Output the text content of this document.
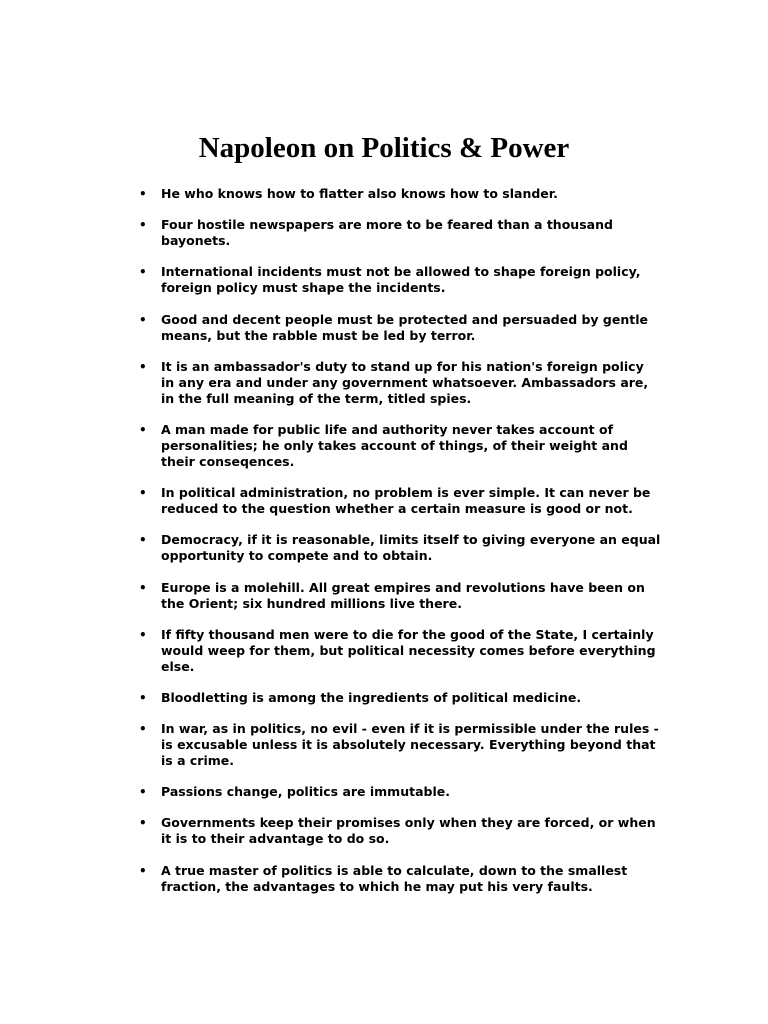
Napoleon on Politics & Power
• He who knows how to flatter also knows how to slander.
• Four hostile newspapers are more to be feared than a thousand bayonets.
• International incidents must not be allowed to shape foreign policy, foreign policy must shape the incidents.
• Good and decent people must be protected and persuaded by gentle means, but the rabble must be led by terror.
• It is an ambassador's duty to stand up for his nation's foreign policy in any era and under any government whatsoever. Ambassadors are, in the full meaning of the term, titled spies.
• A man made for public life and authority never takes account of personalities; he only takes account of things, of their weight and their conseqences.
• In political administration, no problem is ever simple. It can never be reduced to the question whether a certain measure is good or not.
• Democracy, if it is reasonable, limits itself to giving everyone an equal opportunity to compete and to obtain.
• Europe is a molehill. All great empires and revolutions have been on the Orient; six hundred millions live there.
• If fifty thousand men were to die for the good of the State, I certainly would weep for them, but political necessity comes before everything else.
• Bloodletting is among the ingredients of political medicine.
• In war, as in politics, no evil - even if it is permissible under the rules - is excusable unless it is absolutely necessary. Everything beyond that is a crime.
• Passions change, politics are immutable.
• Governments keep their promises only when they are forced, or when it is to their advantage to do so.
• A true master of politics is able to calculate, down to the smallest fraction, the advantages to which he may put his very faults.
